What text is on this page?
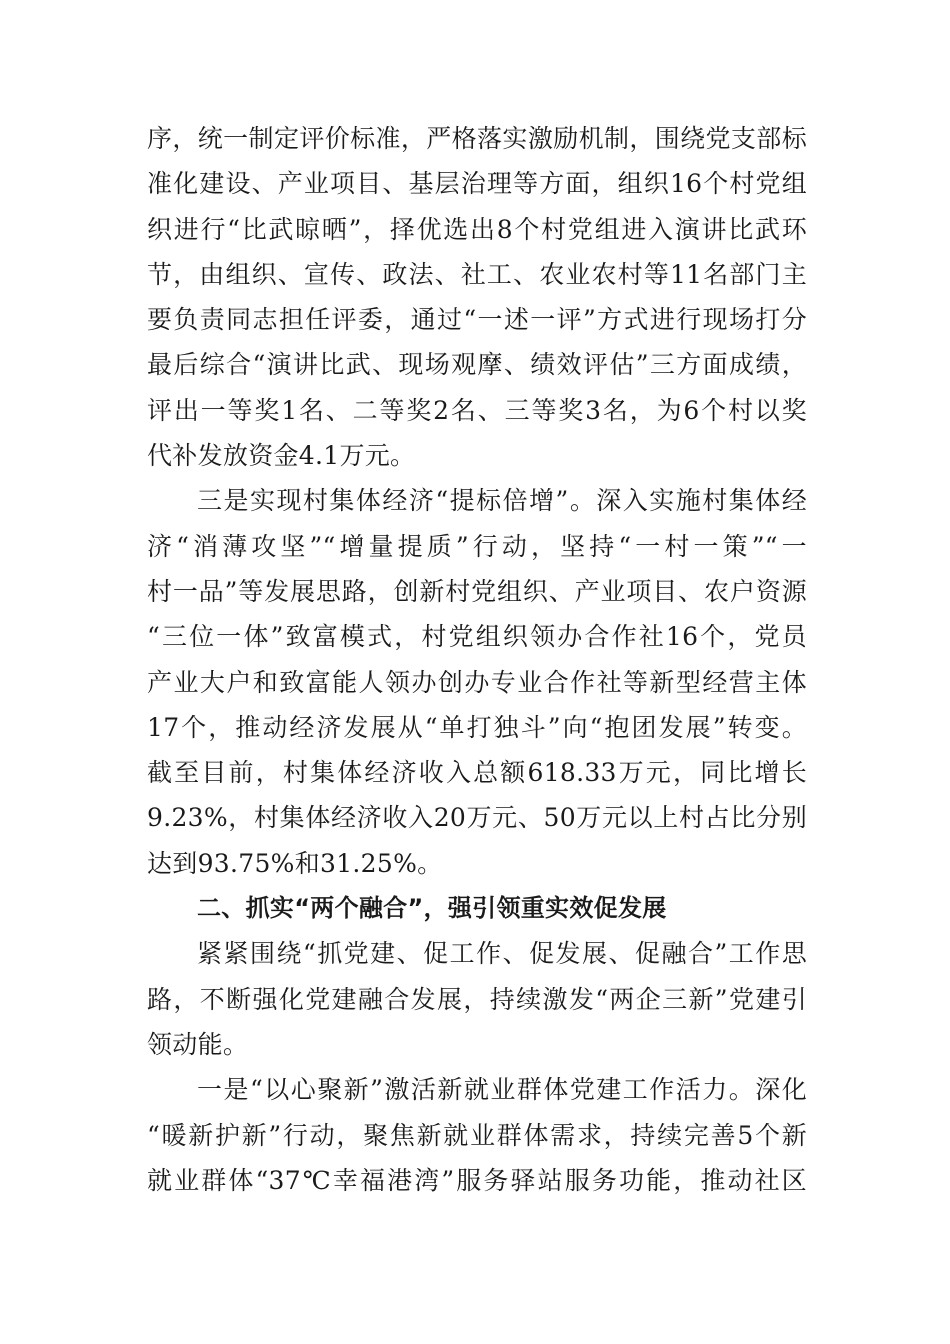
序，统一制定评价标准，严格落实激励机制，围绕党支部标
准化建设、产业项目、基层治理等方面，组织16个村党组
织进行“比武晾晒”，择优选出8个村党组进入演讲比武环
节，由组织、宣传、政法、社工、农业农村等11名部门主
要负责同志担任评委，通过“一述一评”方式进行现场打分
最后综合“演讲比武、现场观摩、绩效评估”三方面成绩，
评出一等奖1名、二等奖2名、三等奖3名，为6个村以奖
代补发放资金4.1万元。
三是实现村集体经济“提标倍增”。深入实施村集体经
济“消薄攻坚”“增量提质”行动，坚持“一村一策”“一
村一品”等发展思路，创新村党组织、产业项目、农户资源
“三位一体”致富模式，村党组织领办合作社16个，党员
产业大户和致富能人领办创办专业合作社等新型经营主体
17个，推动经济发展从“单打独斗”向“抱团发展”转变。
截至目前，村集体经济收入总额618.33万元，同比增长
9.23%，村集体经济收入20万元、50万元以上村占比分别
达到93.75%和31.25%。
二、抓实“两个融合”，强引领重实效促发展
紧紧围绕“抓党建、促工作、促发展、促融合”工作思
路，不断强化党建融合发展，持续激发“两企三新”党建引
领动能。
一是“以心聚新”激活新就业群体党建工作活力。深化
“暖新护新”行动，聚焦新就业群体需求，持续完善5个新
就业群体“37℃幸福港湾”服务驿站服务功能，推动社区
